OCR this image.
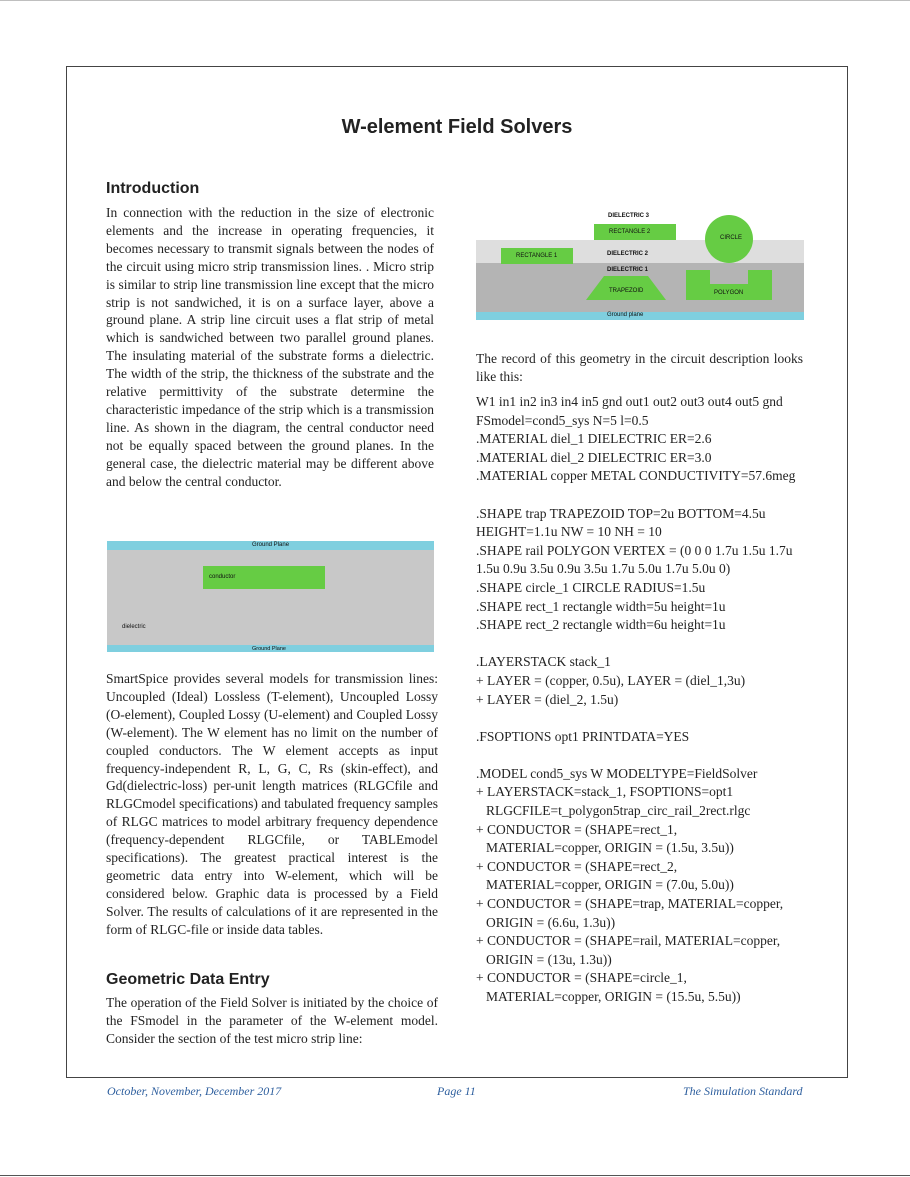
W-element Field Solvers
Introduction

In connection with the reduction in the size of electronic elements and the increase in operating frequencies, it becomes necessary to transmit signals between the nodes of the circuit using micro strip transmission lines. . Micro strip is similar to strip line transmission line except that the micro strip is not sandwiched, it is on a surface layer, above a ground plane. A strip line circuit uses a flat strip of metal which is sandwiched between two parallel ground planes. The insulating material of the substrate forms a dielectric. The width of the strip, the thickness of the substrate and the relative permittivity of the substrate determine the characteristic impedance of the strip which is a transmission line. As shown in the diagram, the central conductor need not be equally spaced between the ground planes. In the general case, the dielectric material may be different above and below the central conductor.

Ground Plane
conductor
dielectric
Ground Plane

SmartSpice provides several models for transmission lines: Uncoupled (Ideal) Lossless (T-element), Uncoupled Lossy (O-element), Coupled Lossy (U-element) and Coupled Lossy (W-element). The W element has no limit on the number of coupled conductors. The W element accepts as input frequency-independent R, L, G, C, Rs (skin-effect), and Gd(dielectric-loss) per-unit length matrices (RLGCfile and RLGCmodel specifications) and tabulated frequency samples of RLGC matrices to model arbitrary frequency dependence (frequency-dependent RLGCfile, or TABLEmodel specifications). The greatest practical interest is the geometric data entry into W-element, which will be considered below. Graphic data is processed by a Field Solver. The results of calculations of it are represented in the form of RLGC-file or inside data tables.

Geometric Data Entry

The operation of the Field Solver is initiated by the choice of the FSmodel in the parameter of the W-element model. Consider the section of the test micro strip line:

DIELECTRIC 3
RECTANGLE 2
CIRCLE
RECTANGLE 1	DIELECTRIC 2
DIELECTRIC 1
TRAPEZOID	POLYGON
Ground plane

The record of this geometry in the circuit description looks like this:

W1 in1 in2 in3 in4 in5 gnd out1 out2 out3 out4 out5 gnd
FSmodel=cond5_sys N=5 l=0.5
.MATERIAL diel_1 DIELECTRIC ER=2.6
.MATERIAL diel_2 DIELECTRIC ER=3.0
.MATERIAL copper METAL CONDUCTIVITY=57.6meg
.SHAPE trap TRAPEZOID TOP=2u BOTTOM=4.5u
HEIGHT=1.1u NW = 10 NH = 10
.SHAPE rail POLYGON VERTEX = (0 0 0 1.7u 1.5u 1.7u
1.5u 0.9u 3.5u 0.9u 3.5u 1.7u 5.0u 1.7u 5.0u 0)
.SHAPE circle_1 CIRCLE RADIUS=1.5u
.SHAPE rect_1 rectangle width=5u height=1u
.SHAPE rect_2 rectangle width=6u height=1u
.LAYERSTACK stack_1
+ LAYER = (copper, 0.5u), LAYER = (diel_1,3u)
+ LAYER = (diel_2, 1.5u)
.FSOPTIONS opt1 PRINTDATA=YES
.MODEL cond5_sys W MODELTYPE=FieldSolver
+ LAYERSTACK=stack_1, FSOPTIONS=opt1
RLGCFILE=t_polygon5trap_circ_rail_2rect.rlgc
+ CONDUCTOR = (SHAPE=rect_1,
MATERIAL=copper, ORIGIN = (1.5u, 3.5u))
+ CONDUCTOR = (SHAPE=rect_2,
MATERIAL=copper, ORIGIN = (7.0u, 5.0u))
+ CONDUCTOR = (SHAPE=trap, MATERIAL=copper,
ORIGIN = (6.6u, 1.3u))
+ CONDUCTOR = (SHAPE=rail, MATERIAL=copper,
ORIGIN = (13u, 1.3u))
+ CONDUCTOR = (SHAPE=circle_1,
MATERIAL=copper, ORIGIN = (15.5u, 5.5u))
October, November, December 2017	Page 11	The Simulation Standard
